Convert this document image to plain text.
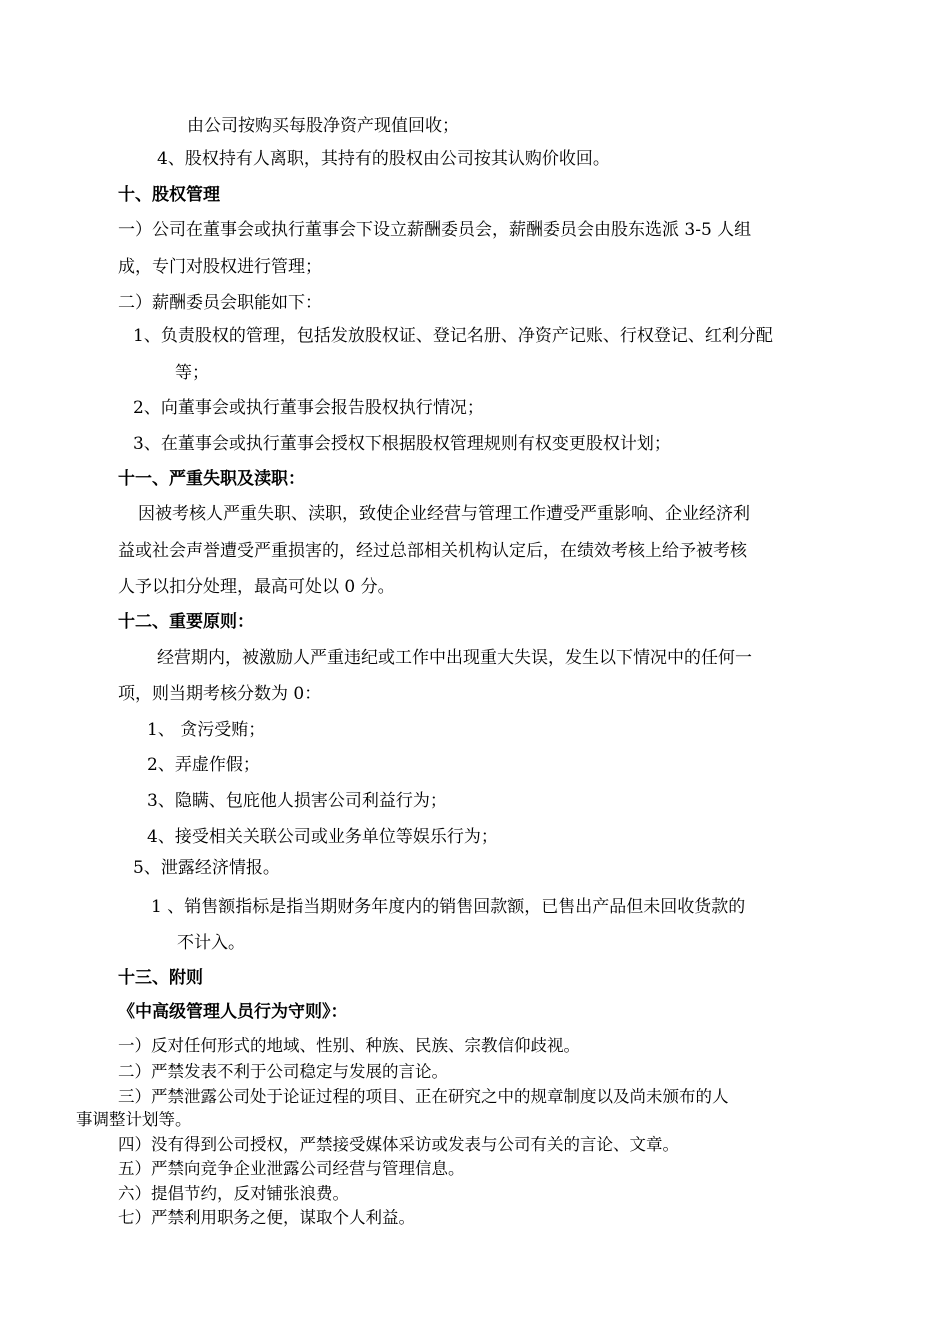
由公司按购买每股净资产现值回收；
4、股权持有人离职，其持有的股权由公司按其认购价收回。
十、股权管理
一）公司在董事会或执行董事会下设立薪酬委员会，薪酬委员会由股东选派 3-5 人组
成，专门对股权进行管理；
二）薪酬委员会职能如下：
1、负责股权的管理，包括发放股权证、登记名册、净资产记账、行权登记、红利分配
等；
2、向董事会或执行董事会报告股权执行情况；
3、在董事会或执行董事会授权下根据股权管理规则有权变更股权计划；
十一、严重失职及渎职：
因被考核人严重失职、渎职，致使企业经营与管理工作遭受严重影响、企业经济利
益或社会声誉遭受严重损害的，经过总部相关机构认定后，在绩效考核上给予被考核
人予以扣分处理，最高可处以 0 分。
十二、重要原则：
经营期内，被激励人严重违纪或工作中出现重大失误，发生以下情况中的任何一
项，则当期考核分数为 0：
1、 贪污受贿；
2、弄虚作假；
3、隐瞒、包庇他人损害公司利益行为；
4、接受相关关联公司或业务单位等娱乐行为；
5、泄露经济情报。
1 、销售额指标是指当期财务年度内的销售回款额，已售出产品但未回收货款的
不计入。
十三、附则
《中高级管理人员行为守则》：
一）反对任何形式的地域、性别、种族、民族、宗教信仰歧视。
二）严禁发表不利于公司稳定与发展的言论。
三）严禁泄露公司处于论证过程的项目、正在研究之中的规章制度以及尚未颁布的人
事调整计划等。
四）没有得到公司授权，严禁接受媒体采访或发表与公司有关的言论、文章。
五）严禁向竞争企业泄露公司经营与管理信息。
六）提倡节约，反对铺张浪费。
七）严禁利用职务之便，谋取个人利益。
